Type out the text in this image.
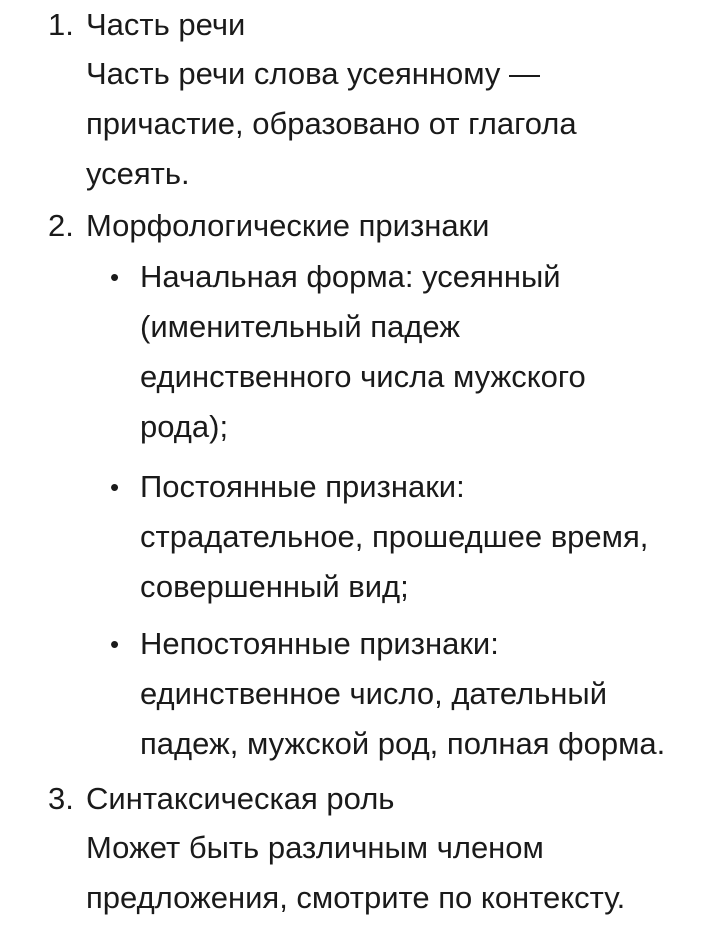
1. Часть речи
Часть речи слова усеянному — причастие, образовано от глагола усеять.
2. Морфологические признаки
• Начальная форма: усеянный (именительный падеж единственного числа мужского рода);
• Постоянные признаки: страдательное, прошедшее время, совершенный вид;
• Непостоянные признаки: единственное число, дательный падеж, мужской род, полная форма.
3. Синтаксическая роль
Может быть различным членом предложения, смотрите по контексту.
